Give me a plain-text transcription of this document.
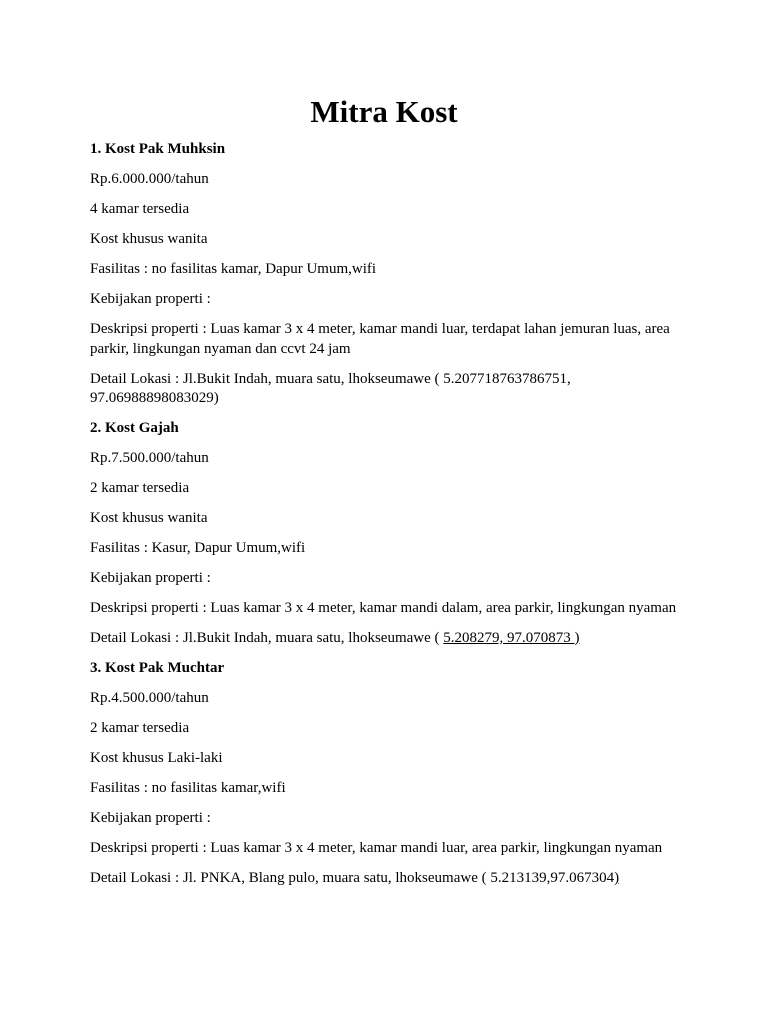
Mitra Kost

1. Kost Pak Muhksin

Rp.6.000.000/tahun

4 kamar tersedia

Kost khusus wanita

Fasilitas : no fasilitas kamar, Dapur Umum,wifi

Kebijakan properti :

Deskripsi properti : Luas kamar 3 x 4 meter, kamar mandi luar, terdapat lahan jemuran luas, area parkir, lingkungan nyaman dan ccvt 24 jam

Detail Lokasi : Jl.Bukit Indah, muara satu, lhokseumawe ( 5.207718763786751, 97.06988898083029)

2. Kost Gajah

Rp.7.500.000/tahun

2 kamar tersedia

Kost khusus wanita

Fasilitas : Kasur, Dapur Umum,wifi

Kebijakan properti :

Deskripsi properti : Luas kamar 3 x 4 meter, kamar mandi dalam, area parkir, lingkungan nyaman

Detail Lokasi : Jl.Bukit Indah, muara satu, lhokseumawe ( 5.208279, 97.070873 )

3. Kost Pak Muchtar

Rp.4.500.000/tahun

2 kamar tersedia

Kost khusus Laki-laki

Fasilitas : no fasilitas kamar,wifi

Kebijakan properti :

Deskripsi properti : Luas kamar 3 x 4 meter, kamar mandi luar, area parkir, lingkungan nyaman

Detail Lokasi : Jl. PNKA, Blang pulo, muara satu, lhokseumawe ( 5.213139,97.067304)
